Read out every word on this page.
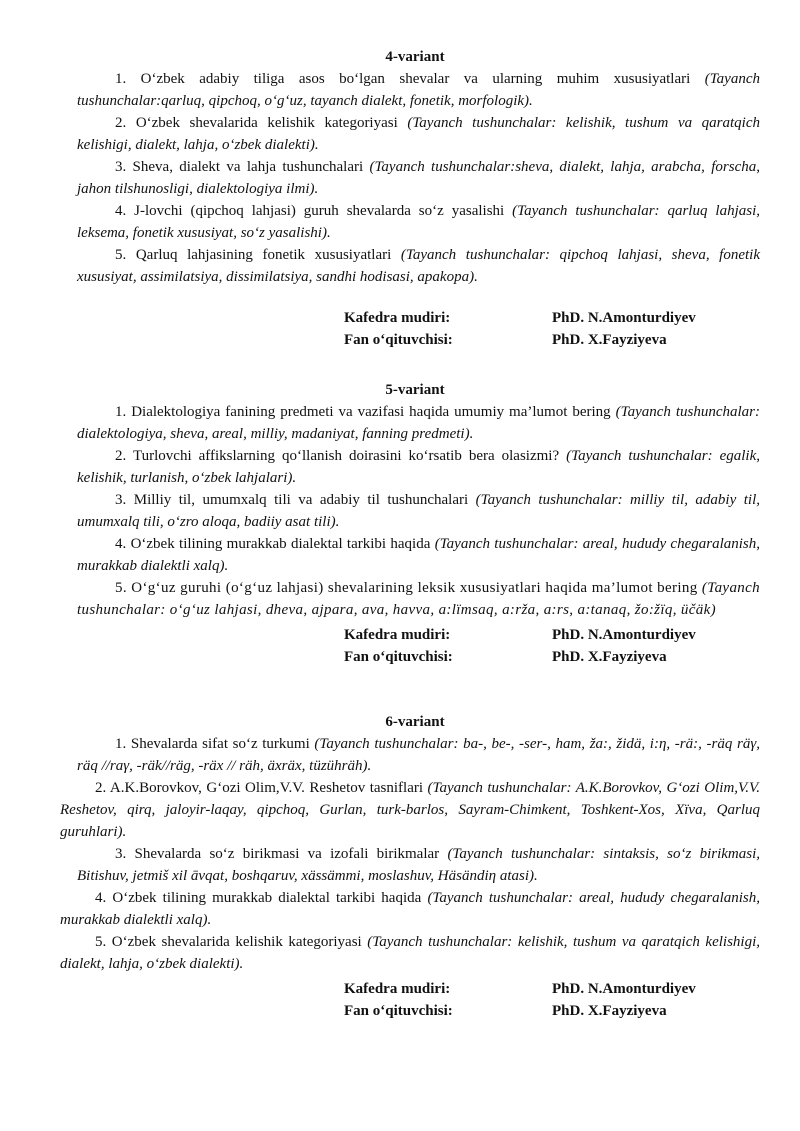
4-variant

1. O‘zbek adabiy tiliga asos bo‘lgan shevalar va ularning muhim xususiyatlari (Tayanch tushunchalar:qarluq, qipchoq, o‘g‘uz, tayanch dialekt, fonetik, morfologik).

2. O‘zbek shevalarida kelishik kategoriyasi (Tayanch tushunchalar: kelishik, tushum va qaratqich kelishigi, dialekt, lahja, o‘zbek dialekti).

3. Sheva, dialekt va lahja tushunchalari (Tayanch tushunchalar:sheva, dialekt, lahja, arabcha, forscha, jahon tilshunosligi, dialektologiya ilmi).

4. J-lovchi (qipchoq lahjasi) guruh shevalarda so‘z yasalishi (Tayanch tushunchalar: qarluq lahjasi, leksema, fonetik xususiyat, so‘z yasalishi).

5. Qarluq lahjasining fonetik xususiyatlari (Tayanch tushunchalar: qipchoq lahjasi, sheva, fonetik xususiyat, assimilatsiya, dissimilatsiya, sandhi hodisasi, apakopa).

Kafedra mudiri:	PhD. N.Amonturdiyev
Fan o‘qituvchisi:	PhD. X.Fayziyeva

5-variant

1. Dialektologiya fanining predmeti va vazifasi haqida umumiy ma’lumot bering (Tayanch tushunchalar: dialektologiya, sheva, areal, milliy, madaniyat, fanning predmeti).

2. Turlovchi affikslarning qo‘llanish doirasini ko‘rsatib bera olasizmi? (Tayanch tushunchalar: egalik, kelishik, turlanish, o‘zbek lahjalari).

3. Milliy til, umumxalq tili va adabiy til tushunchalari (Tayanch tushunchalar: milliy til, adabiy til, umumxalq tili, o‘zro aloqa, badiiy asat tili).

4. O‘zbek tilining murakkab dialektal tarkibi haqida (Tayanch tushunchalar: areal, hududy chegaralanish, murakkab dialektli xalq).

5. O‘g‘uz guruhi (o‘g‘uz lahjasi) shevalarining leksik xususiyatlari haqida ma’lumot bering (Tayanch tushunchalar: o‘g‘uz lahjasi, dheva, ajpara, ava, havva, a:lïmsaq, a:rža, a:rs, a:tanaq, žo:žïq, üčäk)

Kafedra mudiri:	PhD. N.Amonturdiyev
Fan o‘qituvchisi:	PhD. X.Fayziyeva

6-variant

1. Shevalarda sifat so‘z turkumi (Tayanch tushunchalar: ba-, be-, -ser-, ham, ža:, židä, i:η, -rä:, -räq räγ, räq //raγ, -räk//räg, -räx // räh, äxräx, tüzühräh).

2. A.K.Borovkov, G‘ozi Olim,V.V. Reshetov tasniflari (Tayanch tushunchalar: A.K.Borovkov, G‘ozi Olim,V.V. Reshetov, qirq, jaloyir-laqay, qipchoq, Gurlan, turk-barlos, Sayram-Chimkent, Toshkent-Xos, Xïva, Qarluq guruhlari).

3. Shevalarda so‘z birikmasi va izofali birikmalar (Tayanch tushunchalar: sintaksis, so‘z birikmasi, Bitishuv, jetmiš xil āvqat, boshqaruv, xässämmi, moslashuv, Häsändiη atasi).

4. O‘zbek tilining murakkab dialektal tarkibi haqida (Tayanch tushunchalar: areal, hududy chegaralanish, murakkab dialektli xalq).

5. O‘zbek shevalarida kelishik kategoriyasi (Tayanch tushunchalar: kelishik, tushum va qaratqich kelishigi, dialekt, lahja, o‘zbek dialekti).

Kafedra mudiri:	PhD. N.Amonturdiyev
Fan o‘qituvchisi:	PhD. X.Fayziyeva
